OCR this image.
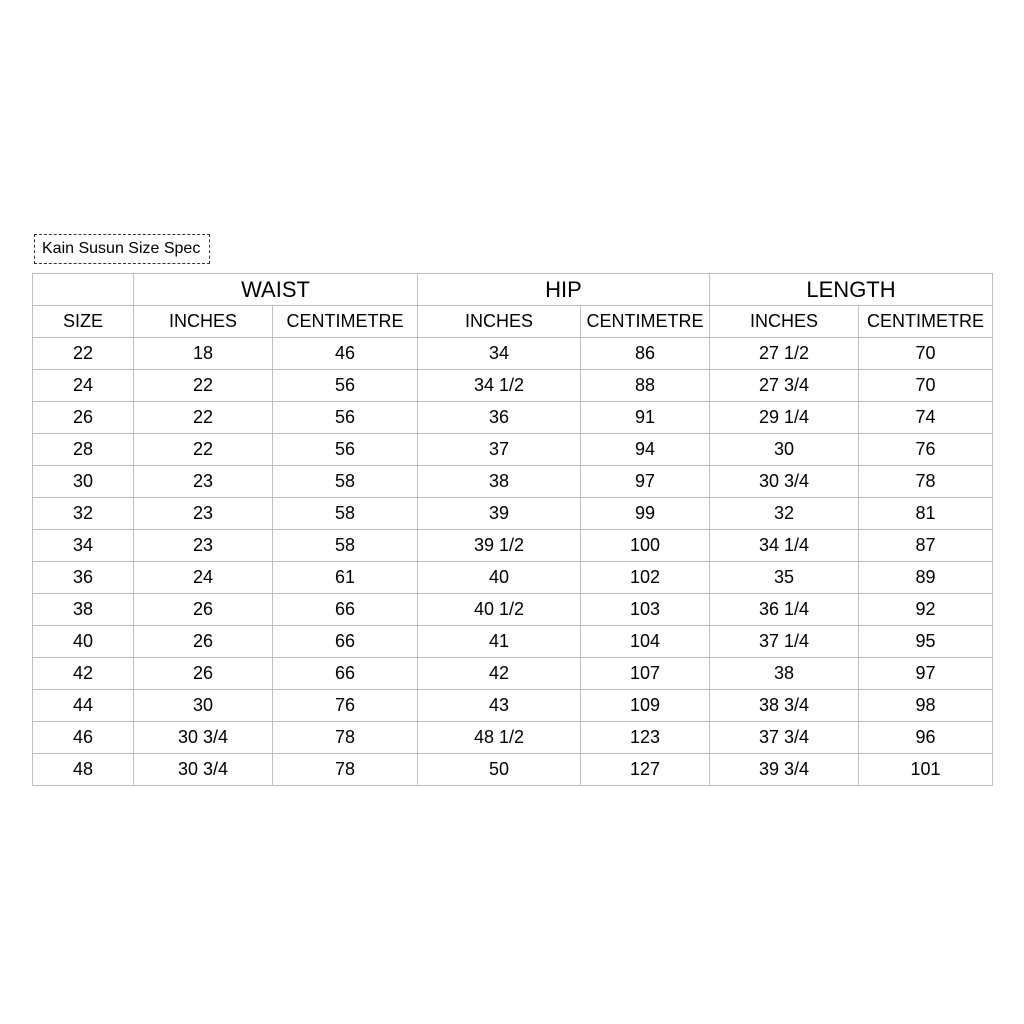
Kain Susun Size Spec
	WAIST		HIP		LENGTH	
SIZE	INCHES	CENTIMETRE	INCHES	CENTIMETRE	INCHES	CENTIMETRE
22	18	46	34	86	27 1/2	70
24	22	56	34 1/2	88	27 3/4	70
26	22	56	36	91	29 1/4	74
28	22	56	37	94	30	76
30	23	58	38	97	30 3/4	78
32	23	58	39	99	32	81
34	23	58	39 1/2	100	34 1/4	87
36	24	61	40	102	35	89
38	26	66	40 1/2	103	36 1/4	92
40	26	66	41	104	37 1/4	95
42	26	66	42	107	38	97
44	30	76	43	109	38 3/4	98
46	30 3/4	78	48 1/2	123	37 3/4	96
48	30 3/4	78	50	127	39 3/4	101
